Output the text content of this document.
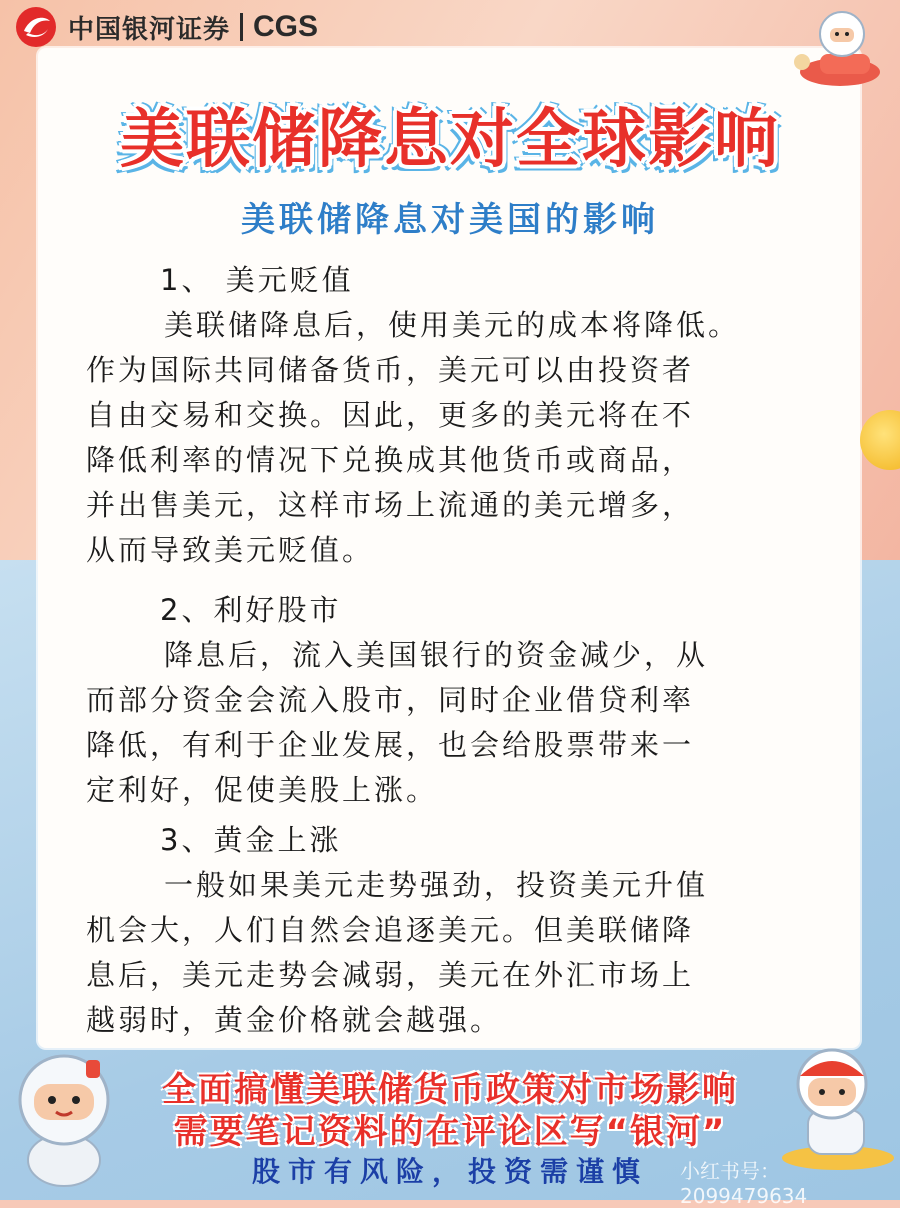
中国银河证券 CGS
美联储降息对全球影响
美联储降息对美国的影响
1、 美元贬值
美联储降息后，使用美元的成本将降低。
作为国际共同储备货币，美元可以由投资者
自由交易和交换。因此，更多的美元将在不
降低利率的情况下兑换成其他货币或商品，
并出售美元，这样市场上流通的美元增多，
从而导致美元贬值。
2、利好股市
降息后，流入美国银行的资金减少，从
而部分资金会流入股市，同时企业借贷利率
降低，有利于企业发展，也会给股票带来一
定利好，促使美股上涨。
3、黄金上涨
一般如果美元走势强劲，投资美元升值
机会大，人们自然会追逐美元。但美联储降
息后，美元走势会减弱，美元在外汇市场上
越弱时，黄金价格就会越强。
全面搞懂美联储货币政策对市场影响
需要笔记资料的在评论区写“银河”
股市有风险，投资需谨慎	小红书号：2099479634
